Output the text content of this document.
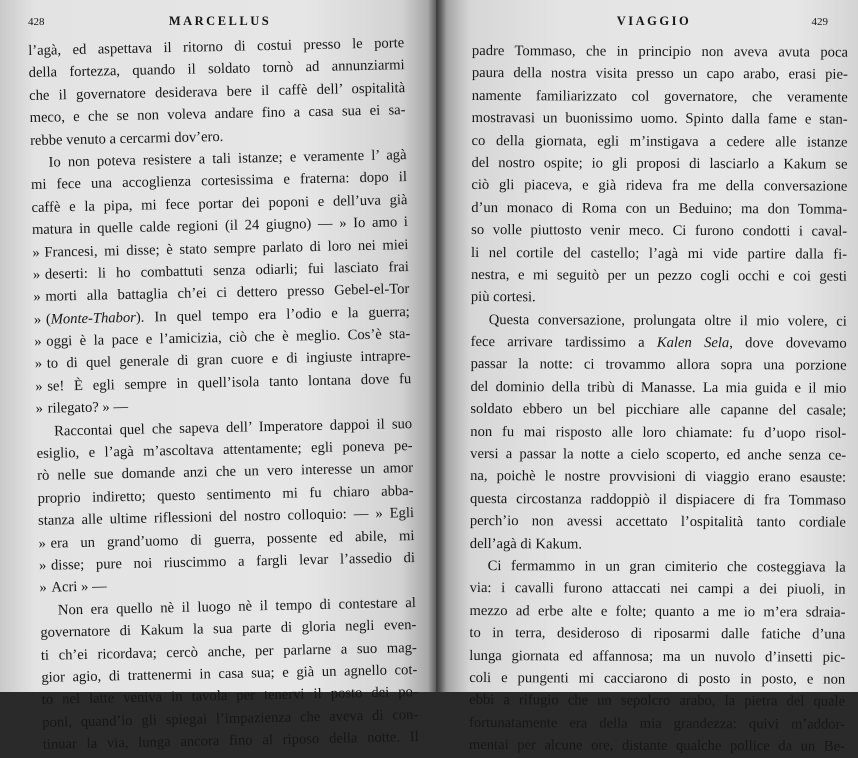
428	MARCELLUS
l’agà, ed aspettava il ritorno di costui presso le porte
della fortezza, quando il soldato tornò ad annunziarmi
che il governatore desiderava bere il caffè dell’ ospitalità
meco, e che se non voleva andare fino a casa sua ei sa-
rebbe venuto a cercarmi dov’ero.
Io non poteva resistere a tali istanze; e veramente l’ agà
mi fece una accoglienza cortesissima e fraterna: dopo il
caffè e la pipa, mi fece portar dei poponi e dell’uva già
matura in quelle calde regioni (il 24 giugno) — » Io amo i
» Francesi, mi disse; è stato sempre parlato di loro nei miei
» deserti: li ho combattuti senza odiarli; fui lasciato frai
» morti alla battaglia ch’ei ci dettero presso Gebel-el-Tor
» (Monte-Thabor). In quel tempo era l’odio e la guerra;
» oggi è la pace e l’amicizia, ciò che è meglio. Cos’è sta-
» to di quel generale di gran cuore e di ingiuste intrapre-
» se! È egli sempre in quell’isola tanto lontana dove fu
» rilegato? » —
Raccontai quel che sapeva dell’ Imperatore dappoi il suo
esiglio, e l’agà m’ascoltava attentamente; egli poneva pe-
rò nelle sue domande anzi che un vero interesse un amor
proprio indiretto; questo sentimento mi fu chiaro abba-
stanza alle ultime riflessioni del nostro colloquio: — » Egli
» era un grand’uomo di guerra, possente ed abile, mi
» disse; pure noi riuscimmo a fargli levar l’assedio di
» Acri » —
Non era quello nè il luogo nè il tempo di contestare al
governatore di Kakum la sua parte di gloria negli even-
ti ch’ei ricordava; cercò anche, per parlarne a suo mag-
gior agio, di trattenermi in casa sua; e già un agnello cot-
to nel latte veniva in tavola per tenervi il posto dei po-
poni, quand’io gli spiegai l’impazienza che aveva di con-
tinuar la via, lunga ancora fino al riposo della notte. Il
VIAGGIO	429
padre Tommaso, che in principio non aveva avuta poca
paura della nostra visita presso un capo arabo, erasi pie-
namente familiarizzato col governatore, che veramente
mostravasi un buonissimo uomo. Spinto dalla fame e stan-
co della giornata, egli m’instigava a cedere alle istanze
del nostro ospite; io gli proposi di lasciarlo a Kakum se
ciò gli piaceva, e già rideva fra me della conversazione
d’un monaco di Roma con un Beduino; ma don Tomma-
so volle piuttosto venir meco. Ci furono condotti i caval-
li nel cortile del castello; l’agà mi vide partire dalla fi-
nestra, e mi seguitò per un pezzo cogli occhi e coi gesti
più cortesi.
Questa conversazione, prolungata oltre il mio volere, ci
fece arrivare tardissimo a Kalen Sela, dove dovevamo
passar la notte: ci trovammo allora sopra una porzione
del dominio della tribù di Manasse. La mia guida e il mio
soldato ebbero un bel picchiare alle capanne del casale;
non fu mai risposto alle loro chiamate: fu d’uopo risol-
versi a passar la notte a cielo scoperto, ed anche senza ce-
na, poichè le nostre provvisioni di viaggio erano esauste:
questa circostanza raddoppiò il dispiacere di fra Tommaso
perch’io non avessi accettato l’ospitalità tanto cordiale
dell’agà di Kakum.
Ci fermammo in un gran cimiterio che costeggiava la
via: i cavalli furono attaccati nei campi a dei piuoli, in
mezzo ad erbe alte e folte; quanto a me io m’era sdraia-
to in terra, desideroso di riposarmi dalle fatiche d’una
lunga giornata ed affannosa; ma un nuvolo d’insetti pic-
coli e pungenti mi cacciarono di posto in posto, e non
ebbi a rifugio che un sepolcro arabo, la pietra del quale
fortunatamente era della mia grandezza: quivi m’addor-
mentai per alcune ore, distante qualche pollice da un Be-
